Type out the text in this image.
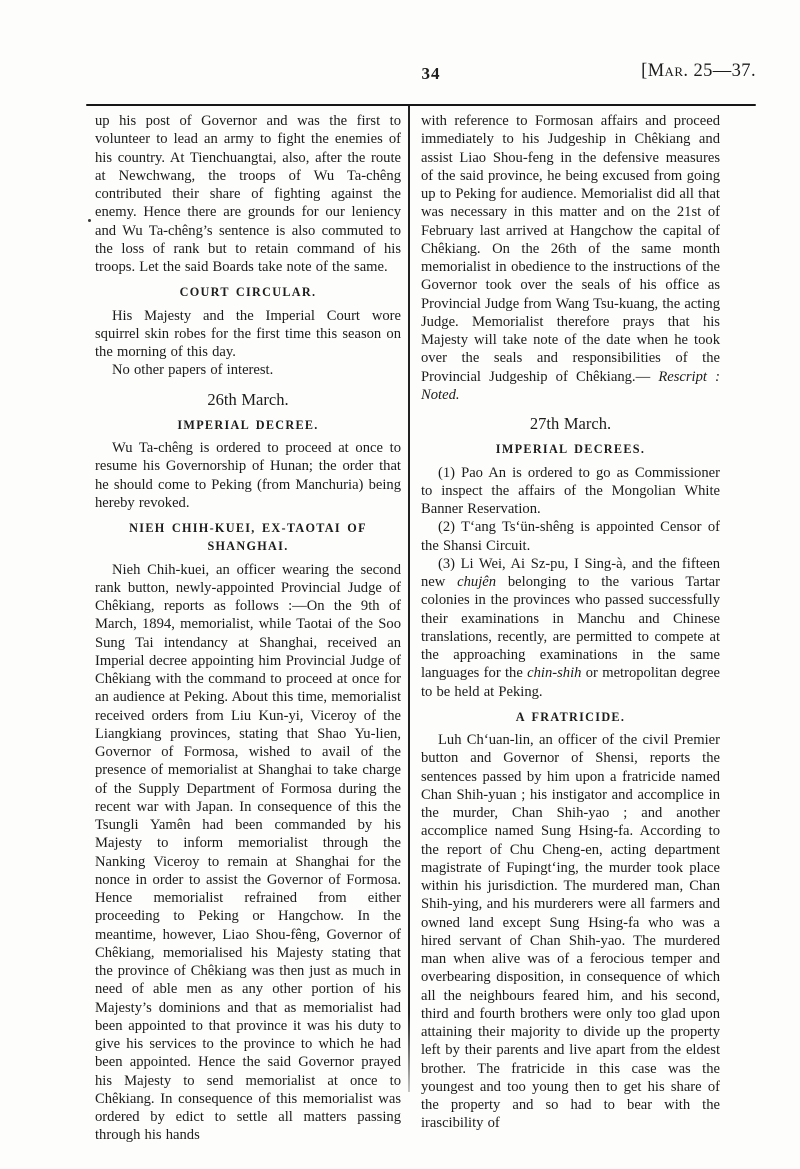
34	[Mar. 25—37.

up his post of Governor and was the first to volunteer to lead an army to fight the enemies of his country. At Tienchuangtai, also, after the route at Newchwang, the troops of Wu Ta-chêng contributed their share of fighting against the enemy. Hence there are grounds for our leniency and Wu Ta-chêng’s sentence is also commuted to the loss of rank but to retain command of his troops. Let the said Boards take note of the same.

COURT CIRCULAR.

His Majesty and the Imperial Court wore squirrel skin robes for the first time this season on the morning of this day.

No other papers of interest.

26th March.
IMPERIAL DECREE.

Wu Ta-chêng is ordered to proceed at once to resume his Governorship of Hunan; the order that he should come to Peking (from Manchuria) being hereby revoked.

NIEH CHIH-KUEI, EX-TAOTAI OF SHANGHAI.

Nieh Chih-kuei, an officer wearing the second rank button, newly-appointed Provincial Judge of Chêkiang, reports as follows :—On the 9th of March, 1894, memorialist, while Taotai of the Soo Sung Tai intendancy at Shanghai, received an Imperial decree appointing him Provincial Judge of Chêkiang with the command to proceed at once for an audience at Peking. About this time, memorialist received orders from Liu Kun-yi, Viceroy of the Liangkiang provinces, stating that Shao Yu-lien, Governor of Formosa, wished to avail of the presence of memorialist at Shanghai to take charge of the Supply Department of Formosa during the recent war with Japan. In consequence of this the Tsungli Yamên had been commanded by his Majesty to inform memorialist through the Nanking Viceroy to remain at Shanghai for the nonce in order to assist the Governor of Formosa. Hence memorialist refrained from either proceeding to Peking or Hangchow. In the meantime, however, Liao Shou-fêng, Governor of Chêkiang, memorialised his Majesty stating that the province of Chêkiang was then just as much in need of able men as any other portion of his Majesty’s dominions and that as memorialist had been appointed to that province it was his duty to give his services to the province to which he had been appointed. Hence the said Governor prayed his Majesty to send memorialist at once to Chêkiang. In consequence of this memorialist was ordered by edict to settle all matters passing through his hands

with reference to Formosan affairs and proceed immediately to his Judgeship in Chêkiang and assist Liao Shou-feng in the defensive measures of the said province, he being excused from going up to Peking for audience. Memorialist did all that was necessary in this matter and on the 21st of February last arrived at Hangchow the capital of Chêkiang. On the 26th of the same month memorialist in obedience to the instructions of the Governor took over the seals of his office as Provincial Judge from Wang Tsu-kuang, the acting Judge. Memorialist therefore prays that his Majesty will take note of the date when he took over the seals and responsibilities of the Provincial Judgeship of Chêkiang.— Rescript : Noted.

27th March.
IMPERIAL DECREES.

(1) Pao An is ordered to go as Commissioner to inspect the affairs of the Mongolian White Banner Reservation.

(2) T‘ang Ts‘ün-shêng is appointed Censor of the Shansi Circuit.

(3) Li Wei, Ai Sz-pu, I Sing-à, and the fifteen new chujên belonging to the various Tartar colonies in the provinces who passed successfully their examinations in Manchu and Chinese translations, recently, are permitted to compete at the approaching examinations in the same languages for the chin-shih or metropolitan degree to be held at Peking.

A FRATRICIDE.

Luh Ch‘uan-lin, an officer of the civil Premier button and Governor of Shensi, reports the sentences passed by him upon a fratricide named Chan Shih-yuan ; his instigator and accomplice in the murder, Chan Shih-yao ; and another accomplice named Sung Hsing-fa. According to the report of Chu Cheng-en, acting department magistrate of Fupingt‘ing, the murder took place within his jurisdiction. The murdered man, Chan Shih-ying, and his murderers were all farmers and owned land except Sung Hsing-fa who was a hired servant of Chan Shih-yao. The murdered man when alive was of a ferocious temper and overbearing disposition, in consequence of which all the neighbours feared him, and his second, third and fourth brothers were only too glad upon attaining their majority to divide up the property left by their parents and live apart from the eldest brother. The fratricide in this case was the youngest and too young then to get his share of the property and so had to bear with the irascibility of
